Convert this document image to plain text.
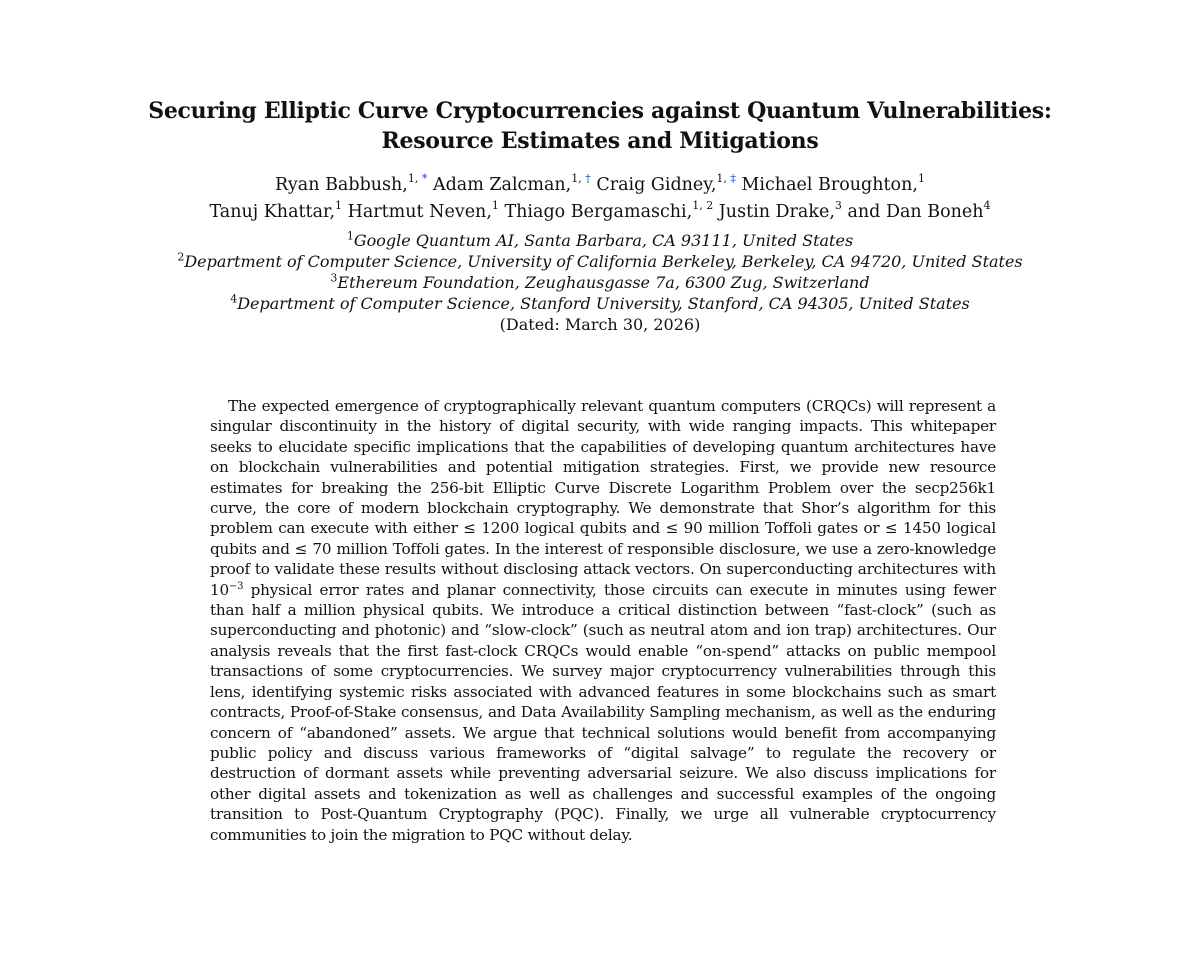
Securing Elliptic Curve Cryptocurrencies against Quantum Vulnerabilities:
Resource Estimates and Mitigations
Ryan Babbush,$^{1, *}$ Adam Zalcman,$^{1, \dagger}$ Craig Gidney,$^{1, \ddagger}$ Michael Broughton,$^1$
Tanuj Khattar,$^1$ Hartmut Neven,$^1$ Thiago Bergamaschi,$^{1, 2}$ Justin Drake,$^3$ and Dan Boneh$^4$
$^1$Google Quantum AI, Santa Barbara, CA 93111, United States
$^2$Department of Computer Science, University of California Berkeley, Berkeley, CA 94720, United States
$^3$Ethereum Foundation, Zeughausgasse 7a, 6300 Zug, Switzerland
$^4$Department of Computer Science, Stanford University, Stanford, CA 94305, United States
(Dated: March 30, 2026)
The expected emergence of cryptographically relevant quantum computers (CRQCs) will represent a singular discontinuity in the history of digital security, with wide ranging impacts. This whitepaper seeks to elucidate specific implications that the capabilities of developing quantum architectures have on blockchain vulnerabilities and potential mitigation strategies. First, we provide new resource estimates for breaking the 256-bit Elliptic Curve Discrete Logarithm Problem over the secp256k1 curve, the core of modern blockchain cryptography. We demonstrate that Shor’s algorithm for this problem can execute with either ≤ 1200 logical qubits and ≤ 90 million Toffoli gates or ≤ 1450 logical qubits and ≤ 70 million Toffoli gates. In the interest of responsible disclosure, we use a zero-knowledge proof to validate these results without disclosing attack vectors. On superconducting architectures with $10^{-3}$ physical error rates and planar connectivity, those circuits can execute in minutes using fewer than half a million physical qubits. We introduce a critical distinction between “fast-clock” (such as superconducting and photonic) and “slow-clock” (such as neutral atom and ion trap) architectures. Our analysis reveals that the first fast-clock CRQCs would enable “on-spend” attacks on public mempool transactions of some cryptocurrencies. We survey major cryptocurrency vulnerabilities through this lens, identifying systemic risks associated with advanced features in some blockchains such as smart contracts, Proof-of-Stake consensus, and Data Availability Sampling mechanism, as well as the enduring concern of “abandoned” assets. We argue that technical solutions would benefit from accompanying public policy and discuss various frameworks of “digital salvage” to regulate the recovery or destruction of dormant assets while preventing adversarial seizure. We also discuss implications for other digital assets and tokenization as well as challenges and successful examples of the ongoing transition to Post-Quantum Cryptography (PQC). Finally, we urge all vulnerable cryptocurrency communities to join the migration to PQC without delay.
